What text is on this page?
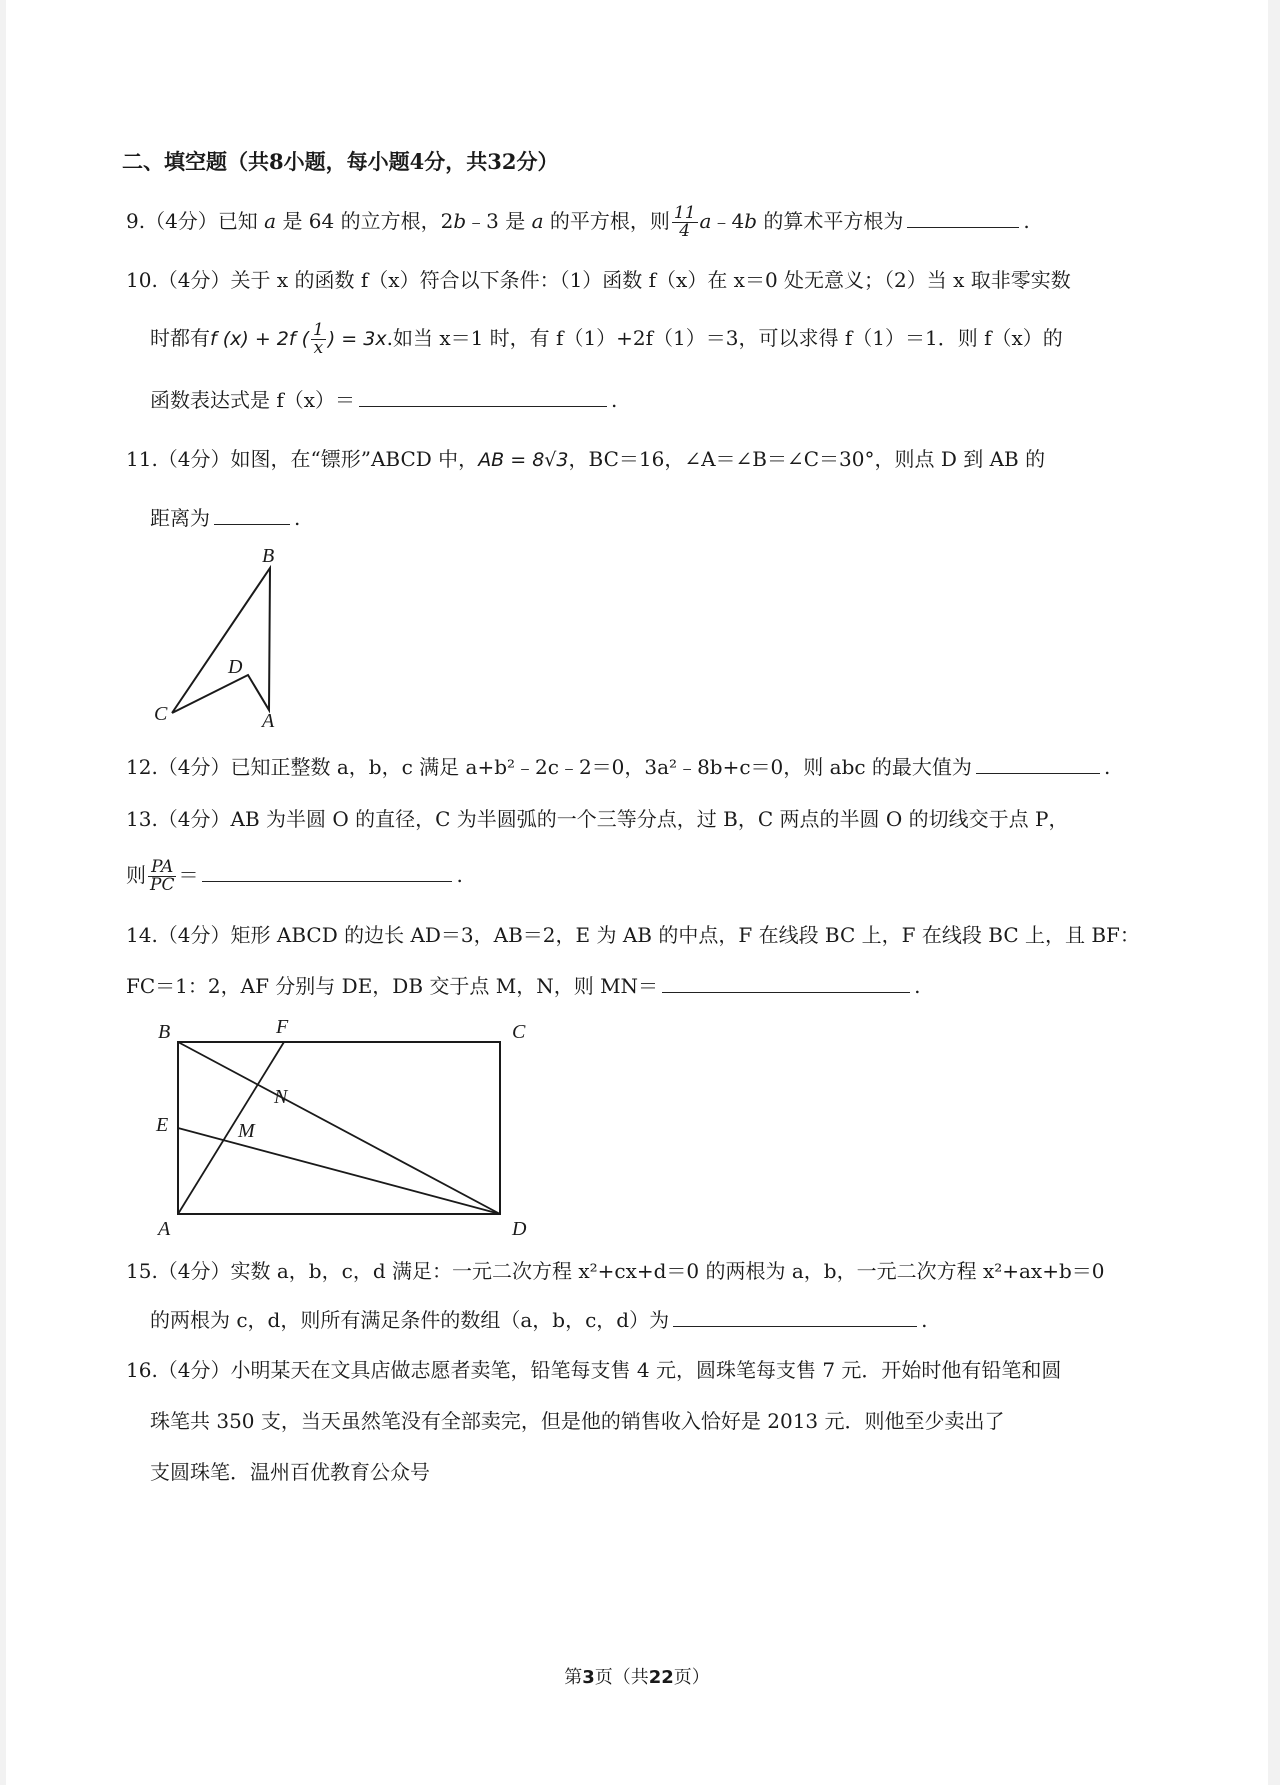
二、填空题（共8小题，每小题4分，共32分）
9.（4分）已知 a 是 64 的立方根，2b﹣3 是 a 的平方根，则 $\frac{11}{4}$ a﹣4b 的算术平方根为	.
10.（4分）关于 x 的函数 f（x）符合以下条件：（1）函数 f（x）在 x＝0 处无意义；（2）当 x 取非零实数
时都有f (x) + 2f ( $\frac{1}{x}$ ) = 3x.如当 x＝1 时，有 f（1）+2f（1）＝3，可以求得 f（1）＝1．则 f（x）的
函数表达式是 f（x）＝	.
11.（4分）如图，在“镖形”ABCD 中，AB = 8√3，BC＝16，∠A＝∠B＝∠C＝30°，则点 D 到 AB 的
距离为	.
B
D
C	A
12.（4分）已知正整数 a，b，c 满足 a+b²﹣2c﹣2＝0，3a²﹣8b+c＝0，则 abc 的最大值为	.
13.（4分）AB 为半圆 O 的直径，C 为半圆弧的一个三等分点，过 B，C 两点的半圆 O 的切线交于点 P，
则 $\frac{PA}{PC}$ ＝	.
14.（4分）矩形 ABCD 的边长 AD＝3，AB＝2，E 为 AB 的中点，F 在线段 BC 上，F 在线段 BC 上，且 BF：
FC＝1：2，AF 分别与 DE，DB 交于点 M，N，则 MN＝	.
B	F	C
N
E	M
A	D
15.（4分）实数 a，b，c，d 满足：一元二次方程 x²+cx+d＝0 的两根为 a，b，一元二次方程 x²+ax+b＝0
的两根为 c，d，则所有满足条件的数组（a，b，c，d）为	.
16.（4分）小明某天在文具店做志愿者卖笔，铅笔每支售 4 元，圆珠笔每支售 7 元．开始时他有铅笔和圆
珠笔共 350 支，当天虽然笔没有全部卖完，但是他的销售收入恰好是 2013 元．则他至少卖出了
支圆珠笔．温州百优教育公众号
第3页（共22页）
